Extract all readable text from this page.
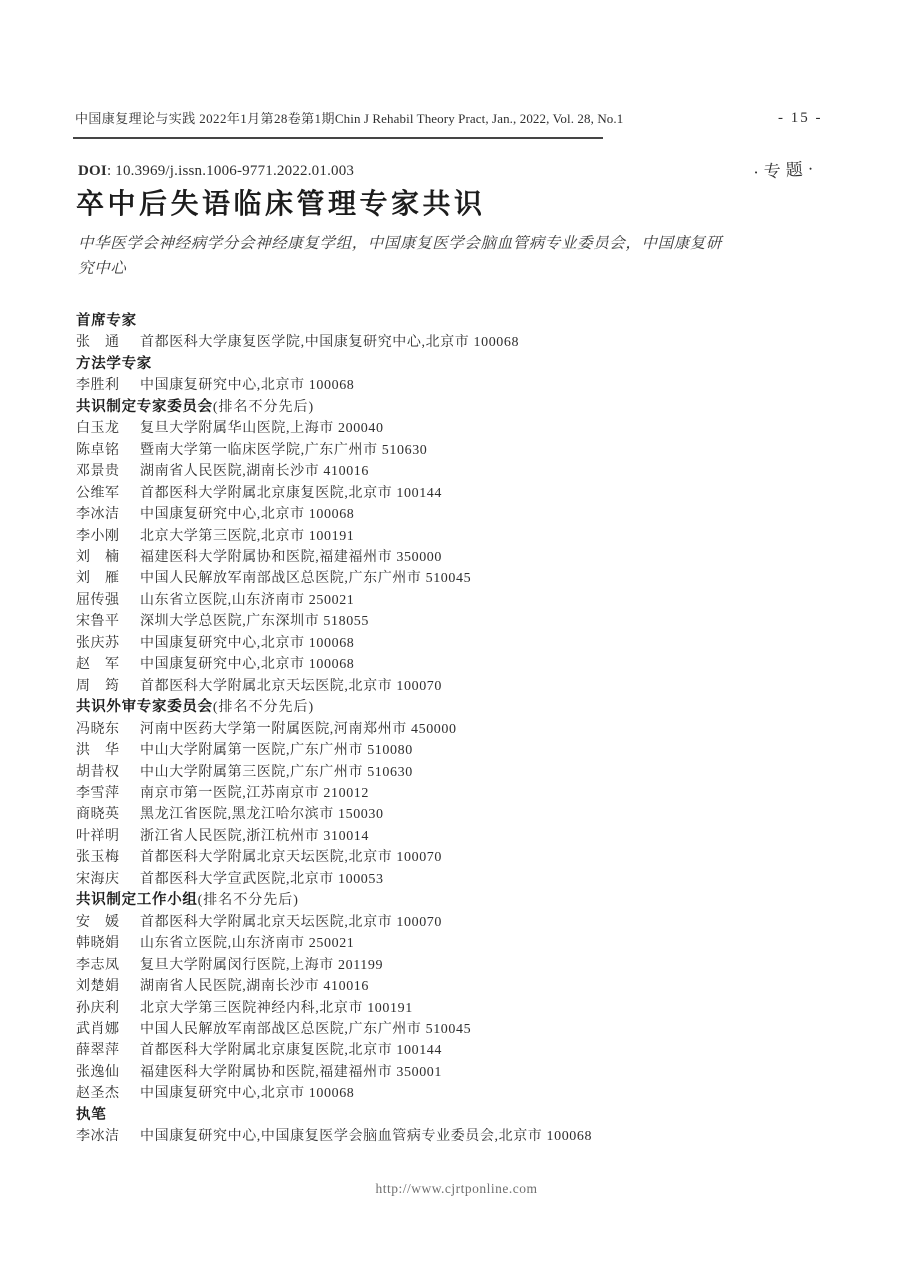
中国康复理论与实践 2022年1月第28卷第1期 Chin J Rehabil Theory Pract, Jan., 2022, Vol. 28, No.1	- 15 -
·专题·
DOI: 10.3969/j.issn.1006-9771.2022.01.003
卒中后失语临床管理专家共识
中华医学会神经病学分会神经康复学组，中国康复医学会脑血管病专业委员会，中国康复研究中心
首席专家
张　通 首都医科大学康复医学院,中国康复研究中心,北京市 100068
方法学专家
李胜利 中国康复研究中心,北京市 100068
共识制定专家委员会(排名不分先后)
白玉龙 复旦大学附属华山医院,上海市 200040
陈卓铭 暨南大学第一临床医学院,广东广州市 510630
邓景贵 湖南省人民医院,湖南长沙市 410016
公维军 首都医科大学附属北京康复医院,北京市 100144
李冰洁 中国康复研究中心,北京市 100068
李小刚 北京大学第三医院,北京市 100191
刘　楠 福建医科大学附属协和医院,福建福州市 350000
刘　雁 中国人民解放军南部战区总医院,广东广州市 510045
屈传强 山东省立医院,山东济南市 250021
宋鲁平 深圳大学总医院,广东深圳市 518055
张庆苏 中国康复研究中心,北京市 100068
赵　军 中国康复研究中心,北京市 100068
周　筠 首都医科大学附属北京天坛医院,北京市 100070
共识外审专家委员会(排名不分先后)
冯晓东 河南中医药大学第一附属医院,河南郑州市 450000
洪　华 中山大学附属第一医院,广东广州市 510080
胡昔权 中山大学附属第三医院,广东广州市 510630
李雪萍 南京市第一医院,江苏南京市 210012
商晓英 黑龙江省医院,黑龙江哈尔滨市 150030
叶祥明 浙江省人民医院,浙江杭州市 310014
张玉梅 首都医科大学附属北京天坛医院,北京市 100070
宋海庆 首都医科大学宣武医院,北京市 100053
共识制定工作小组(排名不分先后)
安　媛 首都医科大学附属北京天坛医院,北京市 100070
韩晓娟 山东省立医院,山东济南市 250021
李志凤 复旦大学附属闵行医院,上海市 201199
刘楚娟 湖南省人民医院,湖南长沙市 410016
孙庆利 北京大学第三医院神经内科,北京市 100191
武肖娜 中国人民解放军南部战区总医院,广东广州市 510045
薛翠萍 首都医科大学附属北京康复医院,北京市 100144
张逸仙 福建医科大学附属协和医院,福建福州市 350001
赵圣杰 中国康复研究中心,北京市 100068
执笔
李冰洁 中国康复研究中心,中国康复医学会脑血管病专业委员会,北京市 100068
http://www.cjrtponline.com
